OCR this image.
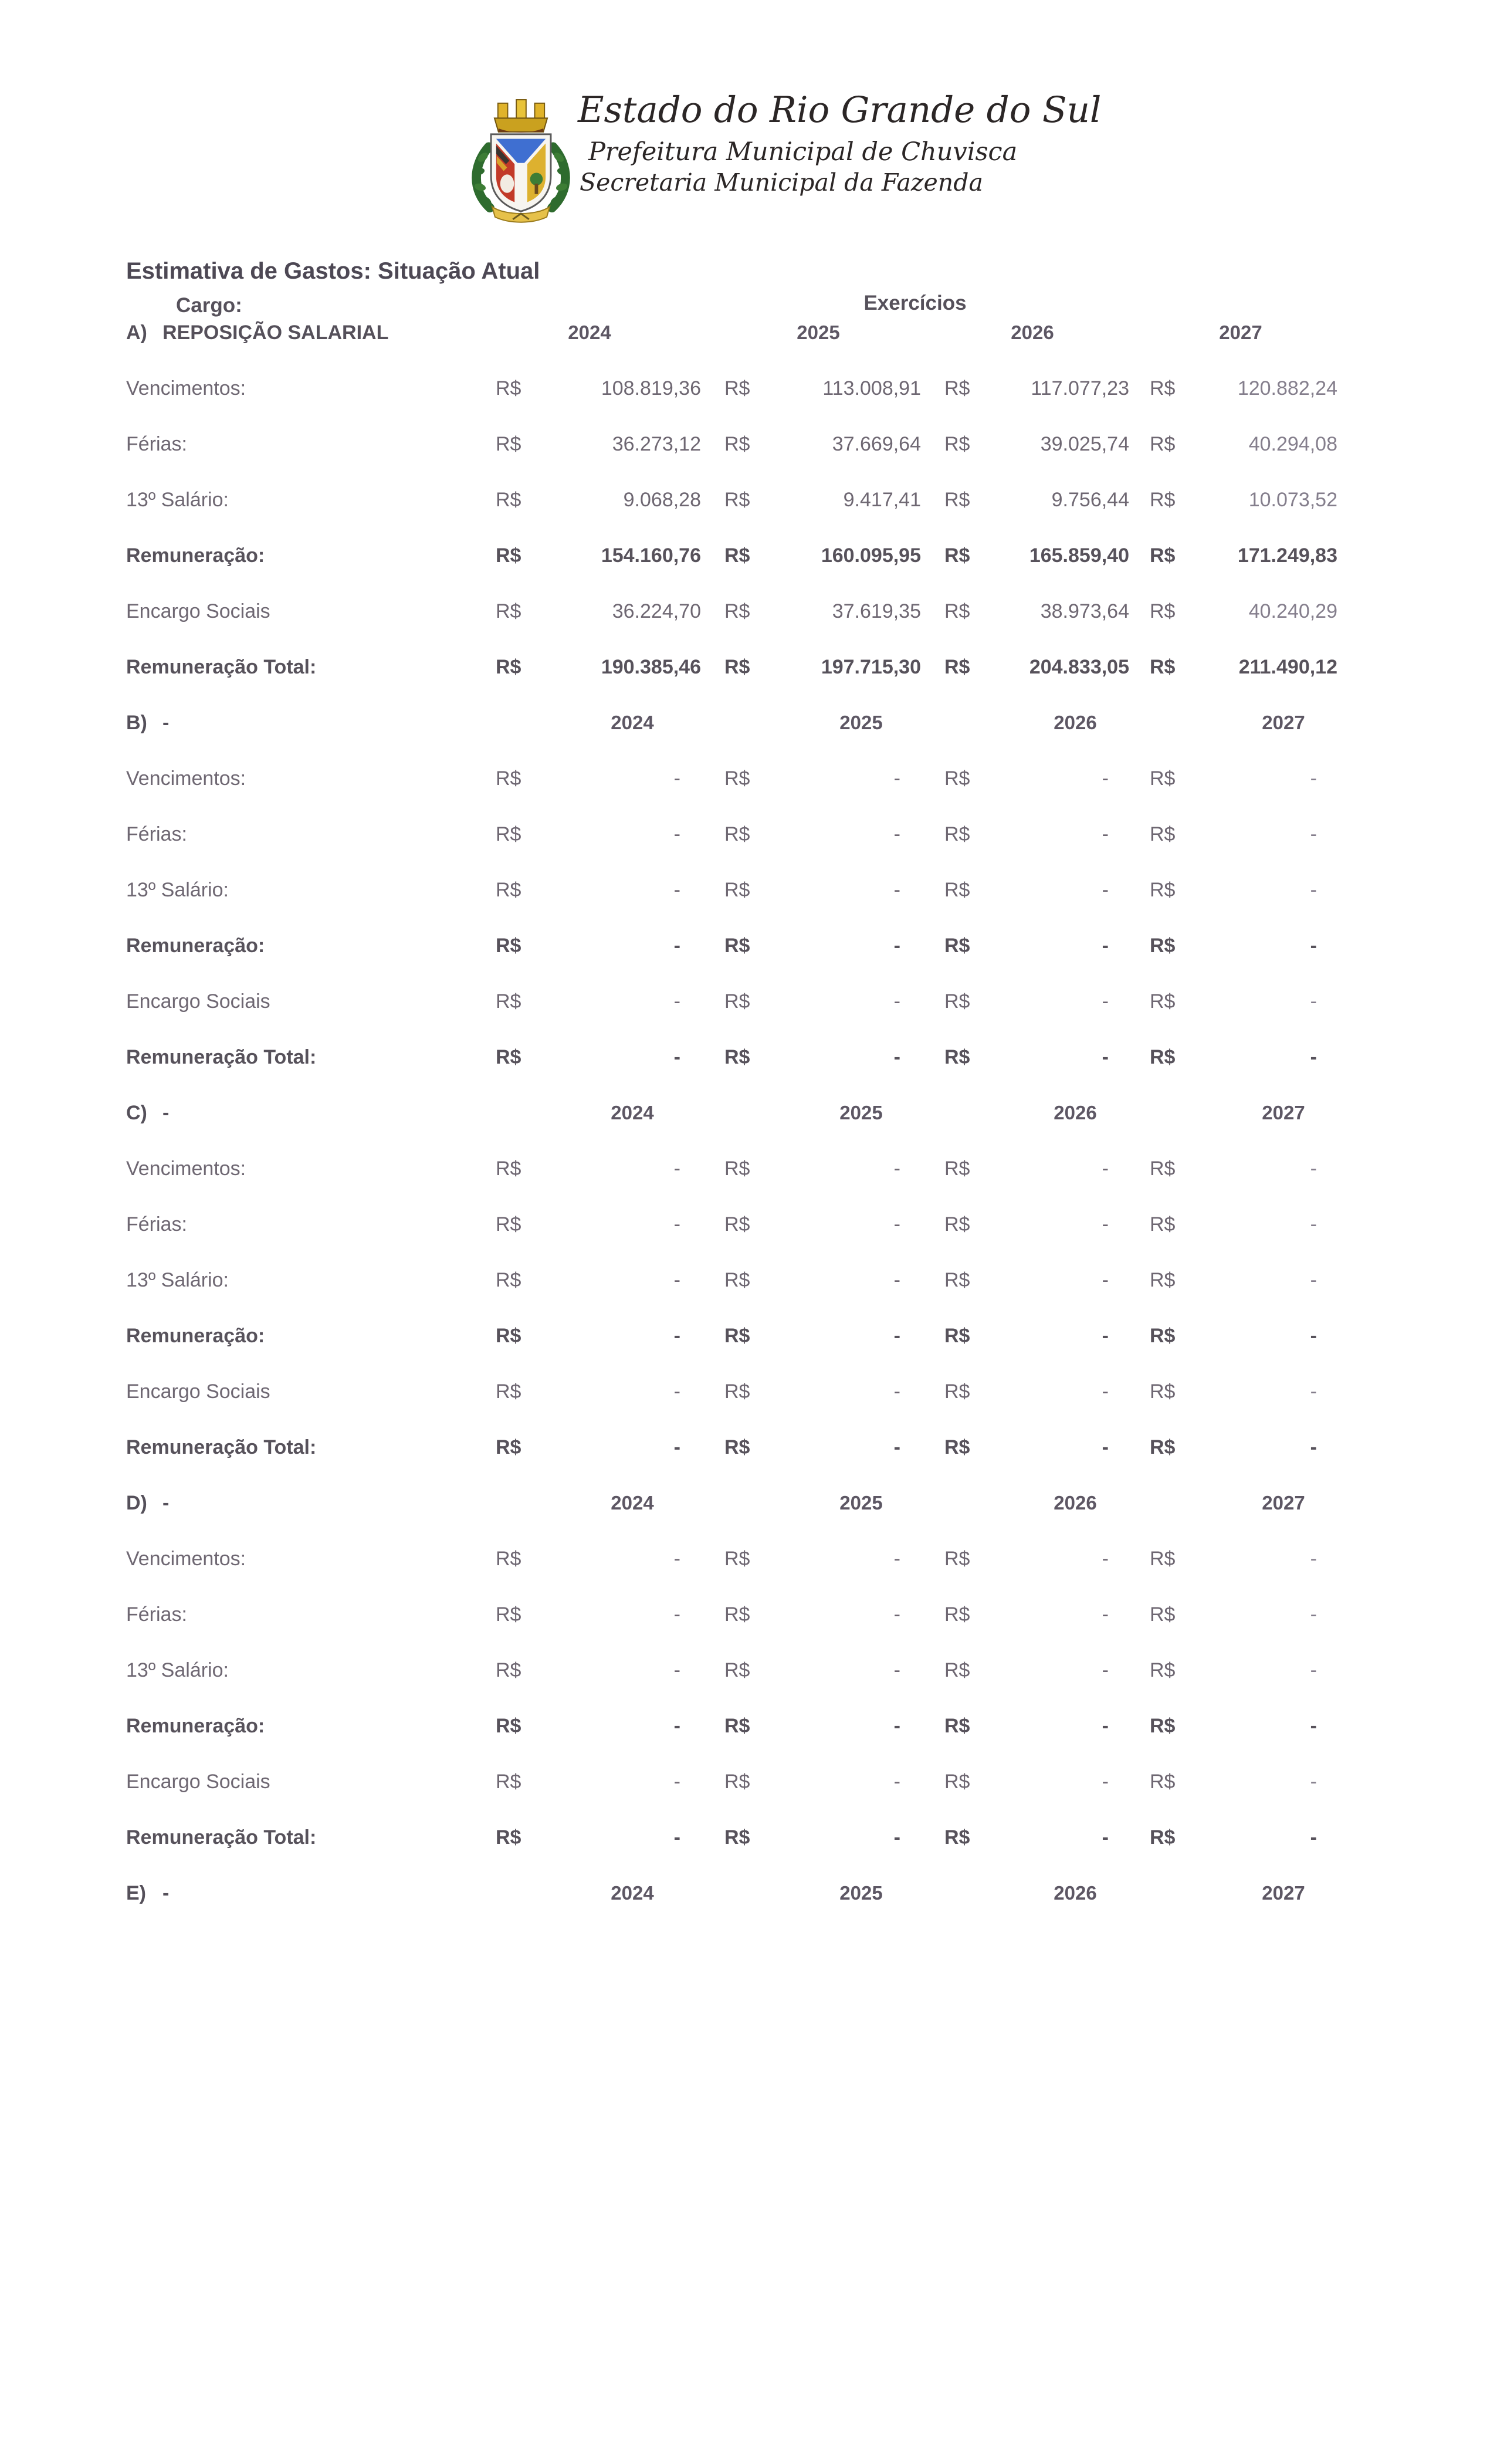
Estado do Rio Grande do Sul
Prefeitura Municipal de Chuvisca
Secretaria Municipal da Fazenda
Estimativa de Gastos: Situação Atual
Cargo:	Exercícios
A) REPOSIÇÃO SALARIAL	2024	2025	2026	2027
Vencimentos:	R$	108.819,36	R$	113.008,91	R$	117.077,23	R$	120.882,24
Férias:	R$	36.273,12	R$	37.669,64	R$	39.025,74	R$	40.294,08
13º Salário:	R$	9.068,28	R$	9.417,41	R$	9.756,44	R$	10.073,52
Remuneração:	R$	154.160,76	R$	160.095,95	R$	165.859,40	R$	171.249,83
Encargo Sociais	R$	36.224,70	R$	37.619,35	R$	38.973,64	R$	40.240,29
Remuneração Total:	R$	190.385,46	R$	197.715,30	R$	204.833,05	R$	211.490,12
B) -	2024	2025	2026	2027
Vencimentos:	R$	-	R$	-	R$	-	R$	-
Férias:	R$	-	R$	-	R$	-	R$	-
13º Salário:	R$	-	R$	-	R$	-	R$	-
Remuneração:	R$	-	R$	-	R$	-	R$	-
Encargo Sociais	R$	-	R$	-	R$	-	R$	-
Remuneração Total:	R$	-	R$	-	R$	-	R$	-
C) -	2024	2025	2026	2027
Vencimentos:	R$	-	R$	-	R$	-	R$	-
Férias:	R$	-	R$	-	R$	-	R$	-
13º Salário:	R$	-	R$	-	R$	-	R$	-
Remuneração:	R$	-	R$	-	R$	-	R$	-
Encargo Sociais	R$	-	R$	-	R$	-	R$	-
Remuneração Total:	R$	-	R$	-	R$	-	R$	-
D) -	2024	2025	2026	2027
Vencimentos:	R$	-	R$	-	R$	-	R$	-
Férias:	R$	-	R$	-	R$	-	R$	-
13º Salário:	R$	-	R$	-	R$	-	R$	-
Remuneração:	R$	-	R$	-	R$	-	R$	-
Encargo Sociais	R$	-	R$	-	R$	-	R$	-
Remuneração Total:	R$	-	R$	-	R$	-	R$	-
E) -	2024	2025	2026	2027
